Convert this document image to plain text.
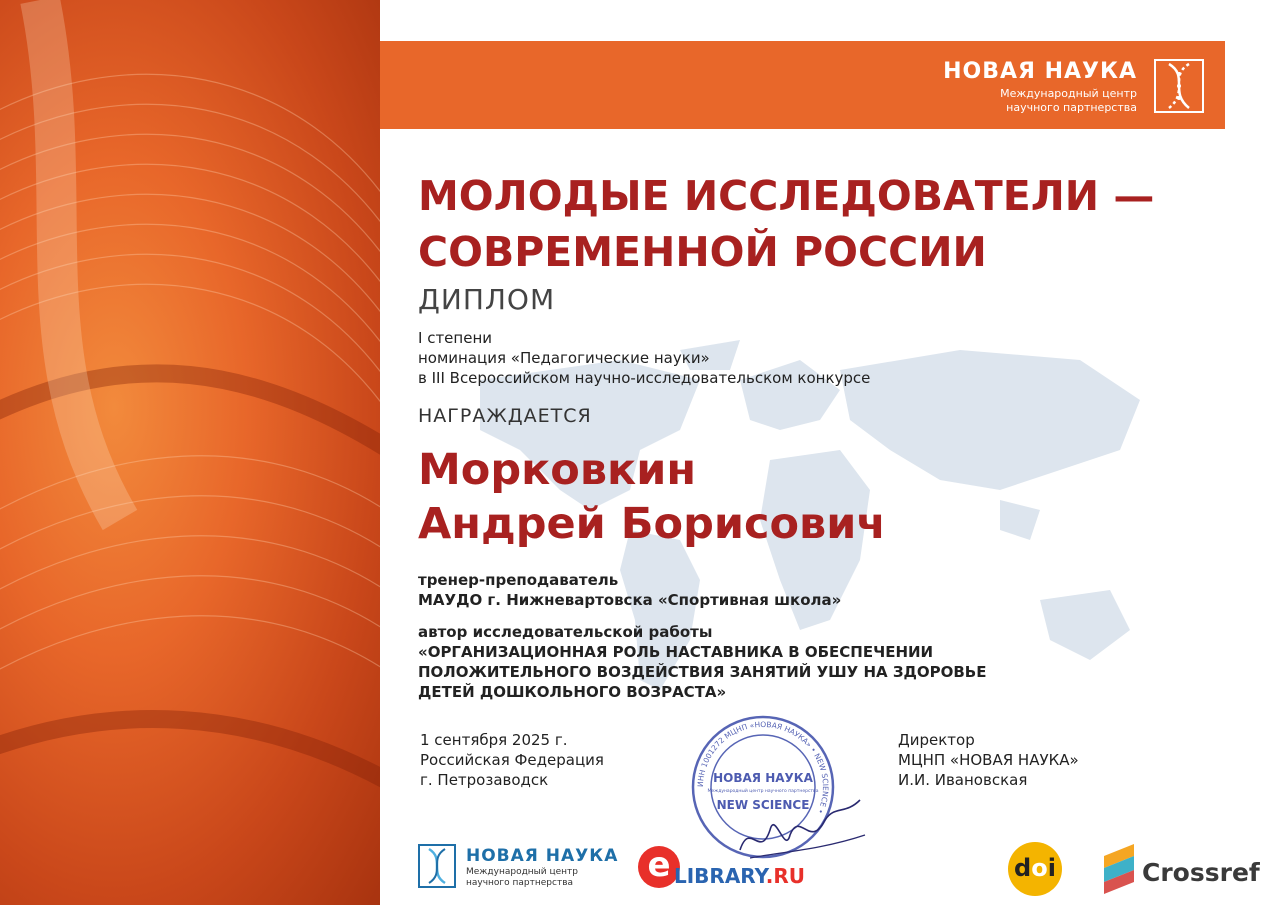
НОВАЯ НАУКА
Международный центр
научного партнерства
МОЛОДЫЕ ИССЛЕДОВАТЕЛИ —
СОВРЕМЕННОЙ РОССИИ
ДИПЛОМ
I степени
номинация «Педагогические науки»
в III Всероссийском научно-исследовательском конкурсе
НАГРАЖДАЕТСЯ
Морковкин
Андрей Борисович
тренер-преподаватель
МАУДО г. Нижневартовска «Спортивная школа»
автор исследовательской работы
«ОРГАНИЗАЦИОННАЯ РОЛЬ НАСТАВНИКА В ОБЕСПЕЧЕНИИ
ПОЛОЖИТЕЛЬНОГО ВОЗДЕЙСТВИЯ ЗАНЯТИЙ УШУ НА ЗДОРОВЬЕ
ДЕТЕЙ ДОШКОЛЬНОГО ВОЗРАСТА»
1 сентября 2025 г.
Российская Федерация
г. Петрозаводск	ИНН 1001272 МЦНП «НОВАЯ НАУКА» • NEW SCIENCE •
НОВАЯ НАУКА
Международный центр научного партнерства
NEW SCIENCE
Директор
МЦНП «НОВАЯ НАУКА»
И.И. Ивановская
НОВАЯ НАУКА
Международный центр
научного партнерства e LIBRARY.RU	doi	Crossref
